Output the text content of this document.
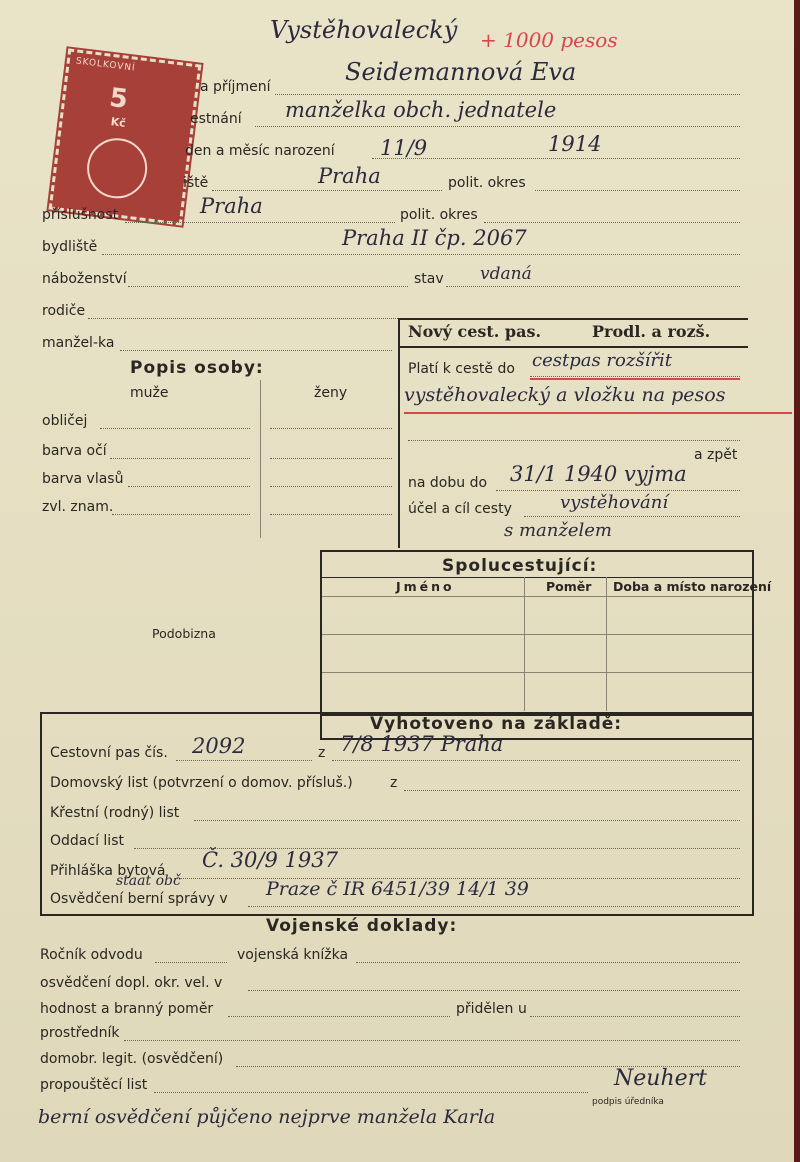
Vystěhovalecký + 1000 pesos
SKOLKOVNÍ
5
Kč
a příjmení
Seidemannová Eva
estnání manželka obch. jednatele
den a měsíc narození 11/9	1914
iště	Praha	polit. okres
příslušnost	Praha	polit. okres
bydliště	Praha II čp. 2067
náboženství	stav vdaná
rodiče
manžel-ka
Popis osoby:
muže	ženy
obličej
barva očí
barva vlasů
zvl. znam.
Nový cest. pas.	Prodl. a rozš.
Platí k cestě do cestpas rozšířit
vystěhovalecký a vložku na pesos
a zpět
na dobu do 31/1 1940 vyjma
účel a cíl cesty	vystěhování
s manželem
Spolucestující:
Jméno	Poměr Doba a místo narození
Podobizna
Vyhotoveno na základě:
Cestovní pas čís.	z
2092	7/8 1937 Praha
Domovský list (potvrzení o domov. přísluš.)	z
Křestní (rodný) list
Oddací list
Přihláška bytová Č. 30/9 1937
Osvědčení berní správy v
staat obč	Praze č IR 6451/39 14/1 39
Vojenské doklady:
Ročník odvodu	vojenská knížka
osvědčení dopl. okr. vel. v
hodnost a branný poměr	přidělen u
prostředník
domobr. legit. (osvědčení)
propouštěcí list	Neuhert
podpis úředníka
berní osvědčení půjčeno nejprve manžela Karla
